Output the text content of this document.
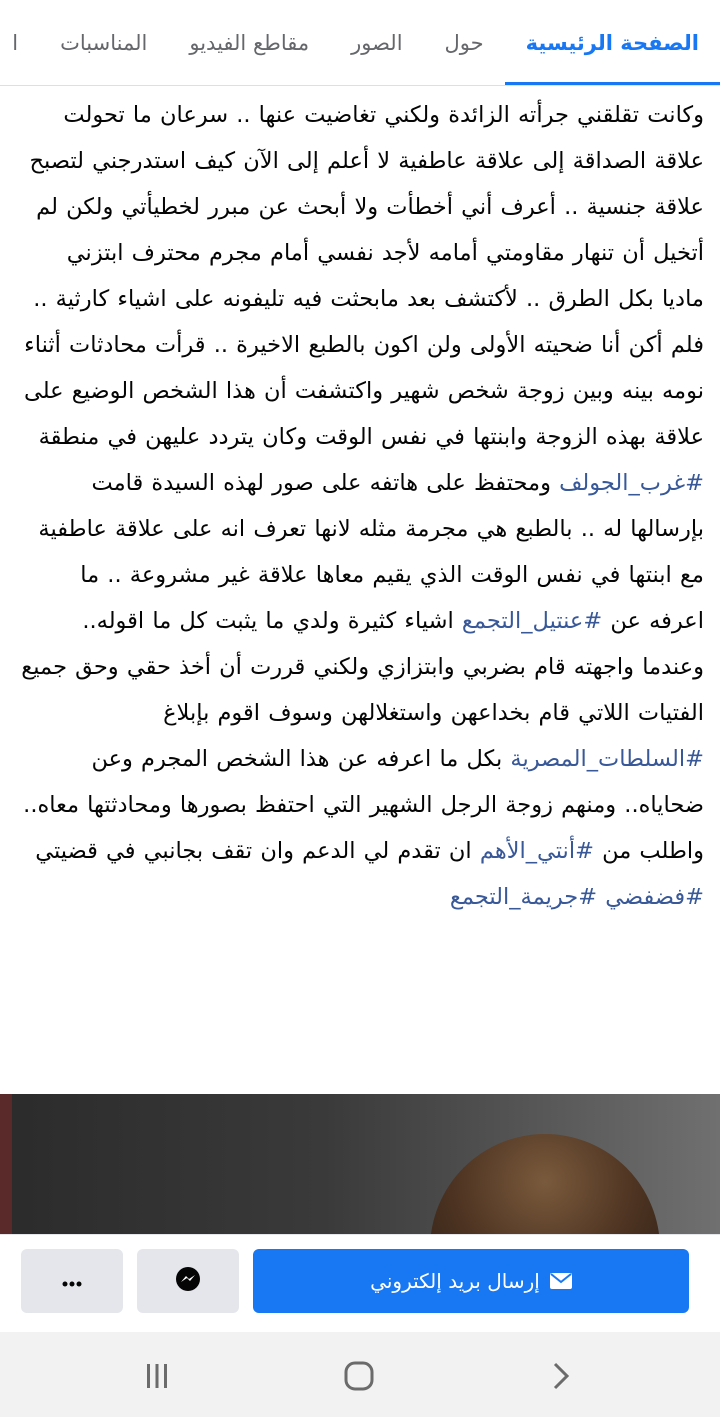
الصفحة الرئيسية
حول
الصور
مقاطع الفيديو
المناسبات
ا

وكانت تقلقني جرأته الزائدة ولكني تغاضيت عنها .. سرعان ما تحولت علاقة الصداقة إلى علاقة عاطفية لا أعلم إلى الآن كيف استدرجني لتصبح علاقة جنسية .. أعرف أني أخطأت ولا أبحث عن مبرر لخطيأتي ولكن لم أتخيل أن تنهار مقاومتي أمامه لأجد نفسي أمام مجرم محترف ابتزني ماديا بكل الطرق .. لأكتشف بعد مابحثت فيه تليفونه على اشياء كارثية .. فلم أكن أنا ضحيته الأولى ولن اكون بالطبع الاخيرة .. قرأت محادثات أثناء نومه بينه وبين زوجة شخص شهير واكتشفت أن هذا الشخص الوضيع على علاقة بهذه الزوجة وابنتها في نفس الوقت وكان يتردد عليهن في منطقة #غرب_الجولف ومحتفظ على هاتفه على صور لهذه السيدة قامت بإرسالها له .. بالطبع هي مجرمة مثله لانها تعرف انه على علاقة عاطفية مع ابنتها في نفس الوقت الذي يقيم معاها علاقة غير مشروعة .. ما اعرفه عن #عنتيل_التجمع اشياء كثيرة ولدي ما يثبت كل ما اقوله.. وعندما واجهته قام بضربي وابتزازي ولكني قررت أن أخذ حقي وحق جميع الفتيات اللاتي قام بخداعهن واستغلالهن وسوف اقوم بإبلاغ #السلطات_المصرية بكل ما اعرفه عن هذا الشخص المجرم وعن ضحاياه.. ومنهم زوجة الرجل الشهير التي احتفظ بصورها ومحادثتها معاه.. واطلب من #أنتي_الأهم ان تقدم لي الدعم وان تقف بجانبي في قضيتي
#فضفضي #جريمة_التجمع

إرسال بريد إلكتروني
